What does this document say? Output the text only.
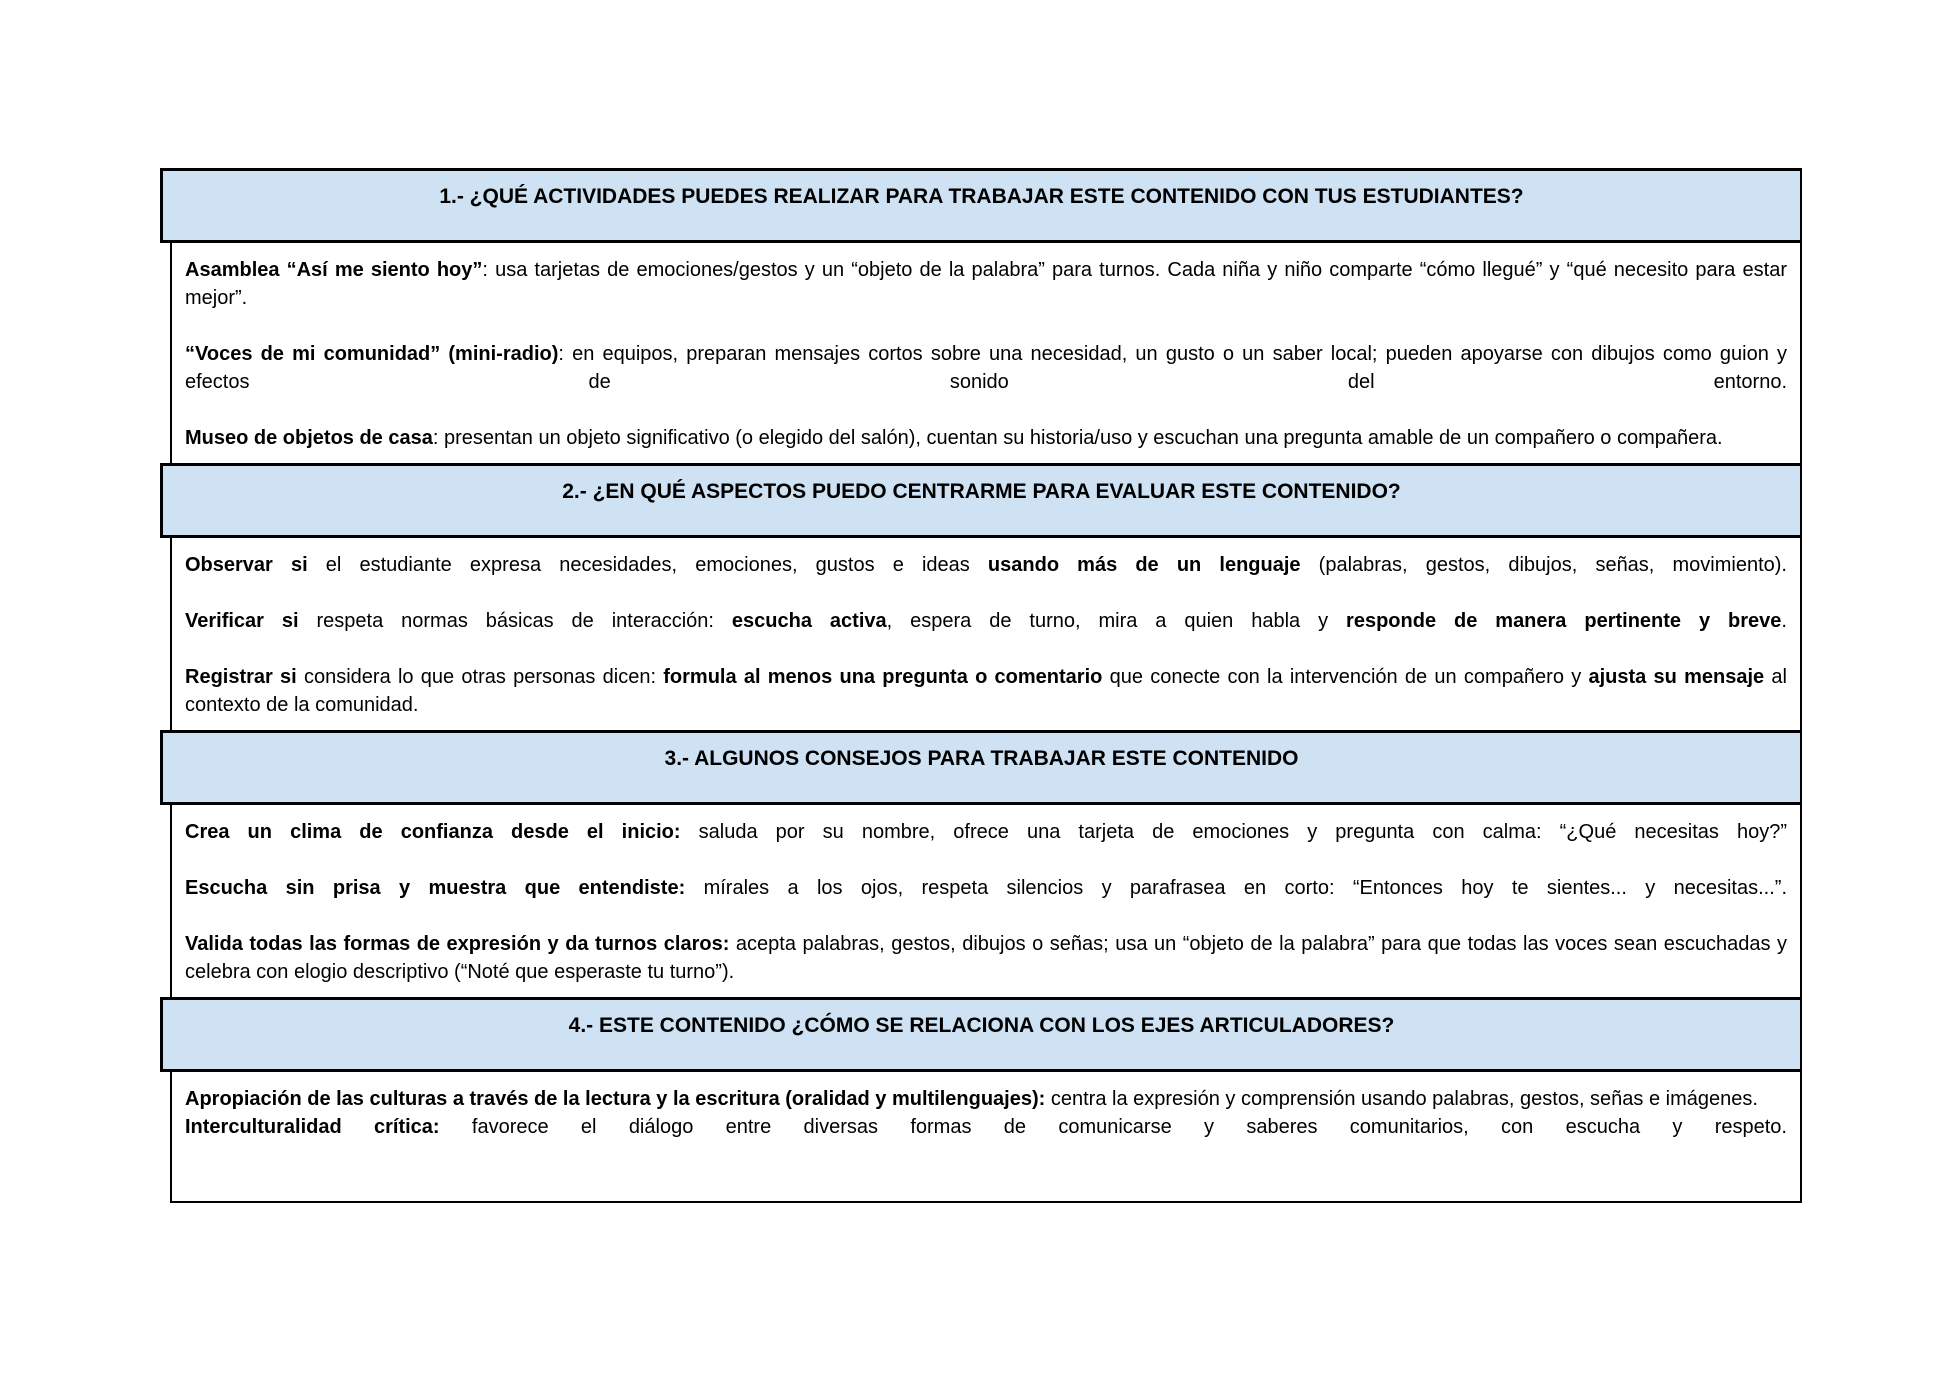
1.- ¿QUÉ ACTIVIDADES PUEDES REALIZAR PARA TRABAJAR ESTE CONTENIDO CON TUS ESTUDIANTES?

Asamblea “Así me siento hoy”: usa tarjetas de emociones/gestos y un “objeto de la palabra” para turnos. Cada niña y niño comparte “cómo llegué” y “qué necesito para estar mejor”.

“Voces de mi comunidad” (mini-radio): en equipos, preparan mensajes cortos sobre una necesidad, un gusto o un saber local; pueden apoyarse con dibujos como guion y efectos de sonido del entorno.

Museo de objetos de casa: presentan un objeto significativo (o elegido del salón), cuentan su historia/uso y escuchan una pregunta amable de un compañero o compañera.

2.- ¿EN QUÉ ASPECTOS PUEDO CENTRARME PARA EVALUAR ESTE CONTENIDO?

Observar si el estudiante expresa necesidades, emociones, gustos e ideas usando más de un lenguaje (palabras, gestos, dibujos, señas, movimiento).

Verificar si respeta normas básicas de interacción: escucha activa, espera de turno, mira a quien habla y responde de manera pertinente y breve.

Registrar si considera lo que otras personas dicen: formula al menos una pregunta o comentario que conecte con la intervención de un compañero y ajusta su mensaje al contexto de la comunidad.

3.- ALGUNOS CONSEJOS PARA TRABAJAR ESTE CONTENIDO

Crea un clima de confianza desde el inicio: saluda por su nombre, ofrece una tarjeta de emociones y pregunta con calma: “¿Qué necesitas hoy?”

Escucha sin prisa y muestra que entendiste: mírales a los ojos, respeta silencios y parafrasea en corto: “Entonces hoy te sientes... y necesitas...”.

Valida todas las formas de expresión y da turnos claros: acepta palabras, gestos, dibujos o señas; usa un “objeto de la palabra” para que todas las voces sean escuchadas y celebra con elogio descriptivo (“Noté que esperaste tu turno”).

4.- ESTE CONTENIDO ¿CÓMO SE RELACIONA CON LOS EJES ARTICULADORES?

Apropiación de las culturas a través de la lectura y la escritura (oralidad y multilenguajes): centra la expresión y comprensión usando palabras, gestos, señas e imágenes.

Interculturalidad crítica: favorece el diálogo entre diversas formas de comunicarse y saberes comunitarios, con escucha y respeto.
